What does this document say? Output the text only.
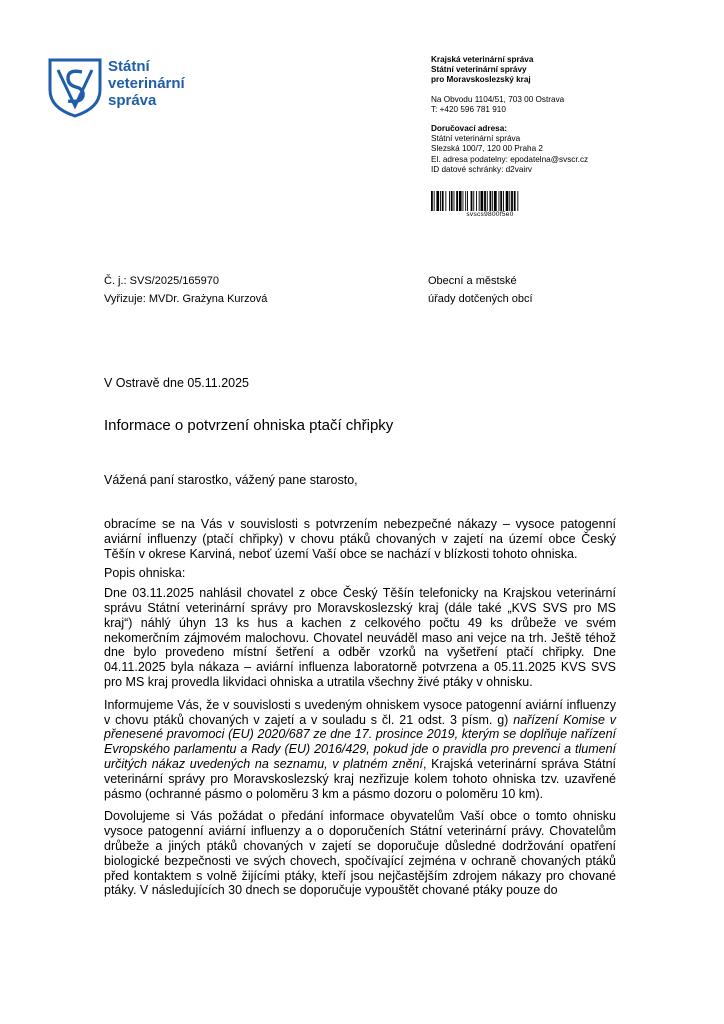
Státní
veterinární
správa
Krajská veterinární správa
Státní veterinární správy
pro Moravskoslezský kraj
Na Obvodu 1104/51, 703 00 Ostrava
T: +420 596 781 910
Doručovací adresa:
Státní veterinární správa
Slezská 100/7, 120 00 Praha 2
El. adresa podatelny: epodatelna@svscr.cz
ID datové schránky: d2vairv
svscs9800f5e0
Č. j.: SVS/2025/165970
Vyřizuje: MVDr. Grażyna Kurzová
Obecní a městské
úřady dotčených obcí
V Ostravě dne 05.11.2025
Informace o potvrzení ohniska ptačí chřipky
Vážená paní starostko, vážený pane starosto,

obracíme se na Vás v souvislosti s potvrzením nebezpečné nákazy – vysoce patogenní aviární influenzy (ptačí chřipky) v chovu ptáků chovaných v zajetí na území obce Český Těšín v okrese Karviná, neboť území Vaší obce se nachází v blízkosti tohoto ohniska.

Popis ohniska:

Dne 03.11.2025 nahlásil chovatel z obce Český Těšín telefonicky na Krajskou veterinární správu Státní veterinární správy pro Moravskoslezský kraj (dále také „KVS SVS pro MS kraj“) náhlý úhyn 13 ks hus a kachen z celkového počtu 49 ks drůbeže ve svém nekomerčním zájmovém malochovu. Chovatel neuváděl maso ani vejce na trh. Ještě téhož dne bylo provedeno místní šetření a odběr vzorků na vyšetření ptačí chřipky. Dne 04.11.2025 byla nákaza – aviární influenza laboratorně potvrzena a 05.11.2025 KVS SVS pro MS kraj provedla likvidaci ohniska a utratila všechny živé ptáky v ohnisku.

Informujeme Vás, že v souvislosti s uvedeným ohniskem vysoce patogenní aviární influenzy v chovu ptáků chovaných v zajetí a v souladu s čl. 21 odst. 3 písm. g) nařízení Komise v přenesené pravomoci (EU) 2020/687 ze dne 17. prosince 2019, kterým se doplňuje nařízení Evropského parlamentu a Rady (EU) 2016/429, pokud jde o pravidla pro prevenci a tlumení určitých nákaz uvedených na seznamu, v platném znění, Krajská veterinární správa Státní veterinární správy pro Moravskoslezský kraj nezřizuje kolem tohoto ohniska tzv. uzavřené pásmo (ochranné pásmo o poloměru 3 km a pásmo dozoru o poloměru 10 km).

Dovolujeme si Vás požádat o předání informace obyvatelům Vaší obce o tomto ohnisku vysoce patogenní aviární influenzy a o doporučeních Státní veterinární právy. Chovatelům drůbeže a jiných ptáků chovaných v zajetí se doporučuje důsledné dodržování opatření biologické bezpečnosti ve svých chovech, spočívající zejména v ochraně chovaných ptáků před kontaktem s volně žijícími ptáky, kteří jsou nejčastějším zdrojem nákazy pro chované ptáky. V následujících 30 dnech se doporučuje vypouštět chované ptáky pouze do
